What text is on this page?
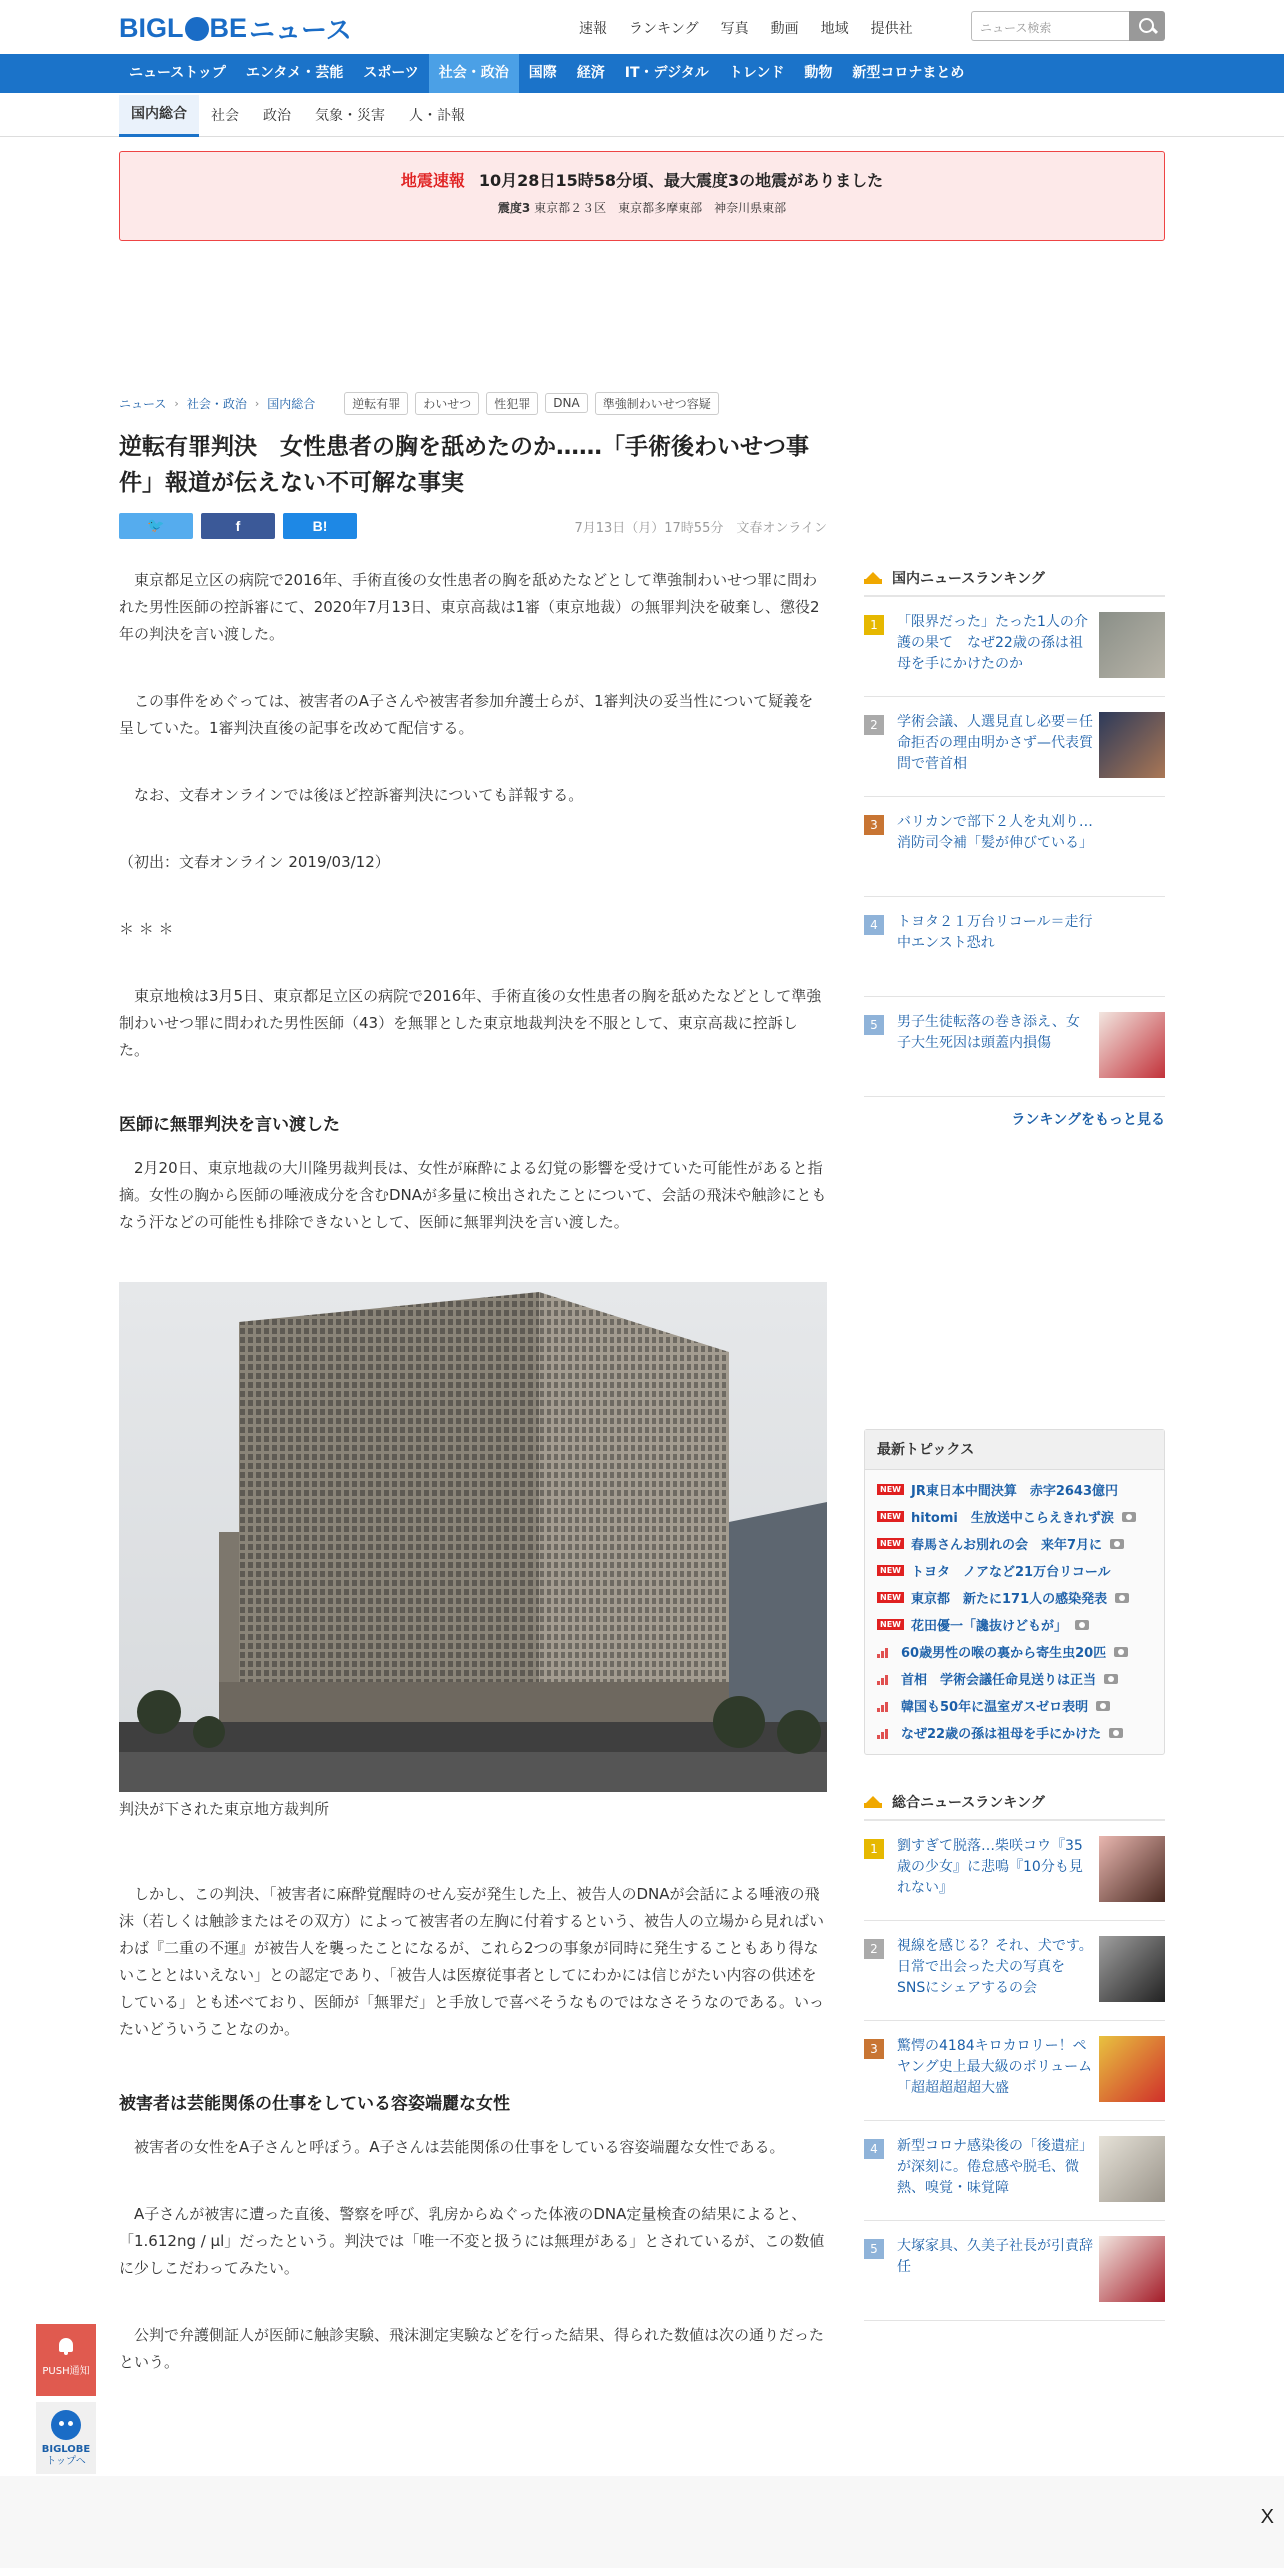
BIGL BE ニュース	速報 ランキング 写真 動画 地域 提供社	ニュース検索
ニューストップ	エンタメ・芸能	スポーツ	社会・政治	国際	経済	IT・デジタル	トレンド	動物	新型コロナまとめ
国内総合	社会	政治	気象・災害	人・訃報
地震速報 10月28日15時58分頃、最大震度3の地震がありました
震度3 東京都２３区　東京都多摩東部　神奈川県東部
ニュース › 社会・政治 › 国内総合	逆転有罪	わいせつ	性犯罪	DNA	準強制わいせつ容疑
逆転有罪判決　女性患者の胸を舐めたのか……「手術後わいせつ事件」報道が伝えない不可解な事実
🐦	f	B!	7月13日（月）17時55分　 文春オンライン

東京都足立区の病院で2016年、手術直後の女性患者の胸を舐めたなどとして準強制わいせつ罪に問われた男性医師の控訴審にて、2020年7月13日、東京高裁は1審（東京地裁）の無罪判決を破棄し、懲役2年の判決を言い渡した。

この事件をめぐっては、被害者のA子さんや被害者参加弁護士らが、1審判決の妥当性について疑義を呈していた。1審判決直後の記事を改めて配信する。

なお、文春オンラインでは後ほど控訴審判決についても詳報する。

（初出：文春オンライン 2019/03/12）

＊ ＊ ＊

東京地検は3月5日、東京都足立区の病院で2016年、手術直後の女性患者の胸を舐めたなどとして準強制わいせつ罪に問われた男性医師（43）を無罪とした東京地裁判決を不服として、東京高裁に控訴した。

医師に無罪判決を言い渡した

2月20日、東京地裁の大川隆男裁判長は、女性が麻酔による幻覚の影響を受けていた可能性があると指摘。女性の胸から医師の唾液成分を含むDNAが多量に検出されたことについて、会話の飛沫や触診にともなう汗などの可能性も排除できないとして、医師に無罪判決を言い渡した。

判決が下された東京地方裁判所

しかし、この判決、「被害者に麻酔覚醒時のせん妄が発生した上、被告人のDNAが会話による唾液の飛沫（若しくは触診またはその双方）によって被害者の左胸に付着するという、被告人の立場から見ればいわば『二重の不運』が被告人を襲ったことになるが、これら2つの事象が同時に発生することもあり得ないこととはいえない」との認定であり、「被告人は医療従事者としてにわかには信じがたい内容の供述をしている」とも述べており、医師が「無罪だ」と手放しで喜べそうなものではなさそうなのである。いったいどういうことなのか。

被害者は芸能関係の仕事をしている容姿端麗な女性

被害者の女性をA子さんと呼ぼう。A子さんは芸能関係の仕事をしている容姿端麗な女性である。

A子さんが被害に遭った直後、警察を呼び、乳房からぬぐった体液のDNA定量検査の結果によると、「1.612ng / μl」だったという。判決では「唯一不変と扱うには無理がある」とされているが、この数値に少しこだわってみたい。

公判で弁護側証人が医師に触診実験、飛沫測定実験などを行った結果、得られた数値は次の通りだったという。

国内ニュースランキング
1	「限界だった」たった1人の介護の果て　なぜ22歳の孫は祖母を手にかけたのか
2	学術会議、人選見直し必要＝任命拒否の理由明かさず—代表質問で菅首相
3	バリカンで部下２人を丸刈り…消防司令補「髪が伸びている」
4	トヨタ２１万台リコール＝走行中エンスト恐れ
5	男子生徒転落の巻き添え、女子大生死因は頭蓋内損傷
ランキングをもっと見る
最新トピックス
NEW JR東日本中間決算　赤字2643億円
NEW hitomi　生放送中こらえきれず涙
NEW 春馬さんお別れの会　来年7月に
NEW トヨタ　ノアなど21万台リコール
NEW 東京都　新たに171人の感染発表
NEW 花田優一「讒抜けどもが」
60歳男性の喉の裏から寄生虫20匹
首相　学術会議任命見送りは正当
韓国も50年に温室ガスゼロ表明
なぜ22歳の孫は祖母を手にかけた
総合ニュースランキング
1	劉すぎて脱落…柴咲コウ『35歳の少女』に悲鳴『10分も見れない』
2	視線を感じる？それ、犬です。日常で出会った犬の写真をSNSにシェアするの会
3	驚愕の4184キロカロリー！ペヤング史上最大級のボリューム「超超超超超大盛
4	新型コロナ感染後の「後遺症」が深刻に。倦怠感や脱毛、微熱、嗅覚・味覚障
5	大塚家具、久美子社長が引責辞任
PUSH通知
BIGLOBE
トップへ
X
